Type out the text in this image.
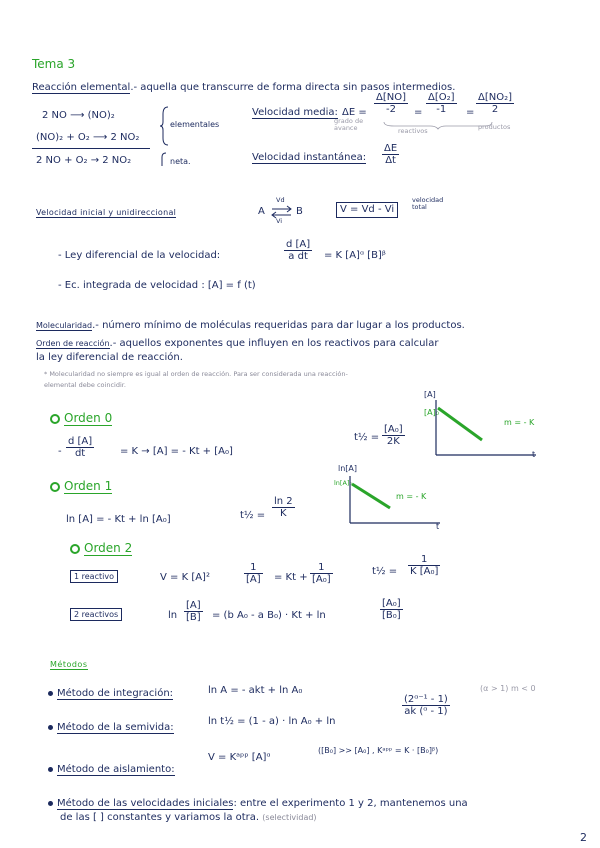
Tema 3
Reacción elemental.- aquella que transcurre de forma directa sin pasos intermedios.
2 NO ⟶ (NO)₂
(NO)₂ + O₂ ⟶ 2 NO₂
2 NO + O₂ → 2 NO₂
elementales
netа.
Velocidad media: $\Delta E = \frac{\Delta[NO]}{-2} = \frac{\text{Δ[O₂]}}{-1} = \frac{\text{Δ[NO₂]}}{2}$
grado de avance	reactivos	productos
Velocidad instantánea: $\frac{\Delta E}{\Delta t}$
Velocidad inicial y unidireccional	A ⇌
Vd
Vi
B	V = Vd - Vi
velocidad total
- Ley diferencial de la velocidad:	$\frac{d [A]}{\text{a dt}} = K$ [A]ᵅ [B]ᵝ
- Ec. integrada de velocidad : [A] = f (t)
Molecularidad.- número mínimo de moléculas requeridas para dar lugar a los productos.
Orden de reacción.- aquellos exponentes que influyen en los reactivos para calcular
la ley diferencial de reacción.
* Molecularidad no siempre es igual al orden de reacción. Para ser considerada una reacción-
elemental debe coincidir.
Orden 0
- $\frac{d [A]}{dt}$	= K → [A] = - Kt + [A₀]
t½ = $\frac{\text{[A₀]}}{2K}$
[A]
[A]₀
m = - K
t
Orden 1
ln [A] = - Kt + ln [A₀]	t½ = $\frac{\ln 2}{K}$
ln[A]
ln[A]₀
m = - K
t
Orden 2
1 reactivo	V = K [A]²	$\frac{1}{[A]} = Kt + \frac{1}{\text{[A₀]}}$	t½ = $\frac{1}{\text{K [A₀]}}$
2 reactivos	$\ln \frac{[A]}{[B]} = (b$ A₀ - a B₀) · Kt + ln	$\frac{\text{[A₀]}}{\text{[B₀]}}$
Métodos
Método de integración:	ln A = - akt + ln A₀
Método de la semivida:
ln t½ = (1 - a) · ln A₀ + ln
$\frac{\text{(2ᵅ⁻¹ - 1)}}{\text{ak (ᵅ - 1)}}$
(α > 1) m < 0
Método de aislamiento:
V = Kᵃᵖᵖ [A]ᵅ
([B₀] >> [A₀] , Kᵃᵖᵖ = K · [B₀]ᵝ)
Método de las velocidades iniciales: entre el experimento 1 y 2, mantenemos una
de las [ ] constantes y variamos la otra. (selectividad)
2
